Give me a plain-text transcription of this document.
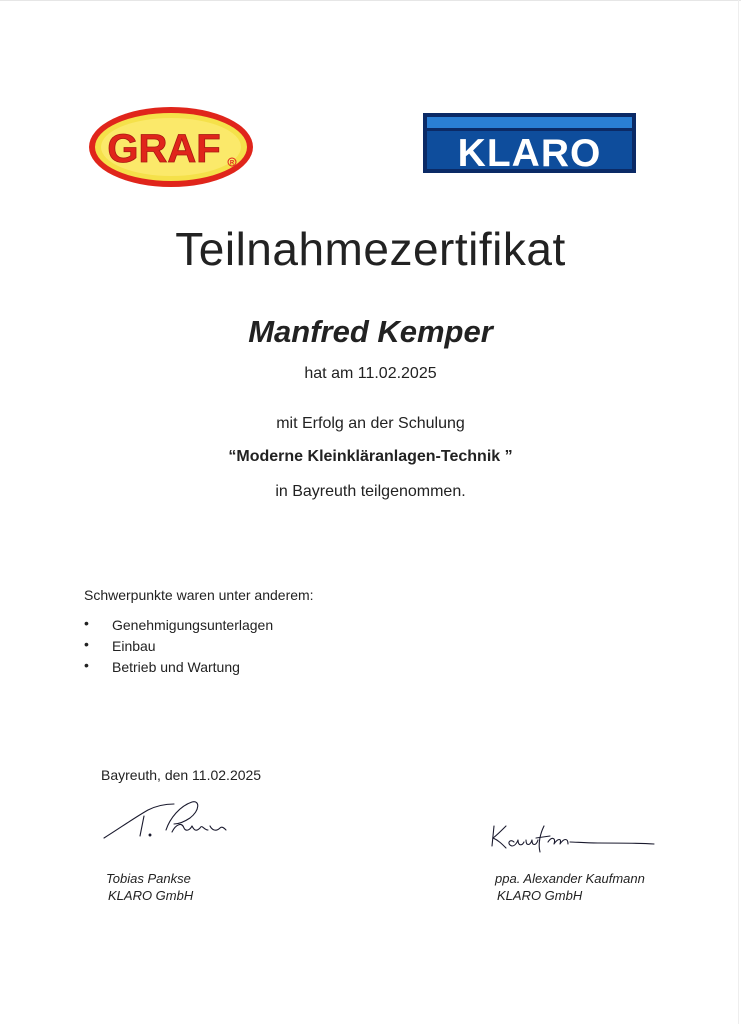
GRAF R	KLARO
Teilnahmezertifikat
Manfred Kemper
hat am 11.02.2025
mit Erfolg an der Schulung
“Moderne Kleinkläranlagen-Technik ”
in Bayreuth teilgenommen.
Schwerpunkte waren unter anderem:
• Genehmigungsunterlagen
• Einbau
• Betrieb und Wartung
Bayreuth, den 11.02.2025
Tobias Pankse
KLARO GmbH
ppa. Alexander Kaufmann
KLARO GmbH
